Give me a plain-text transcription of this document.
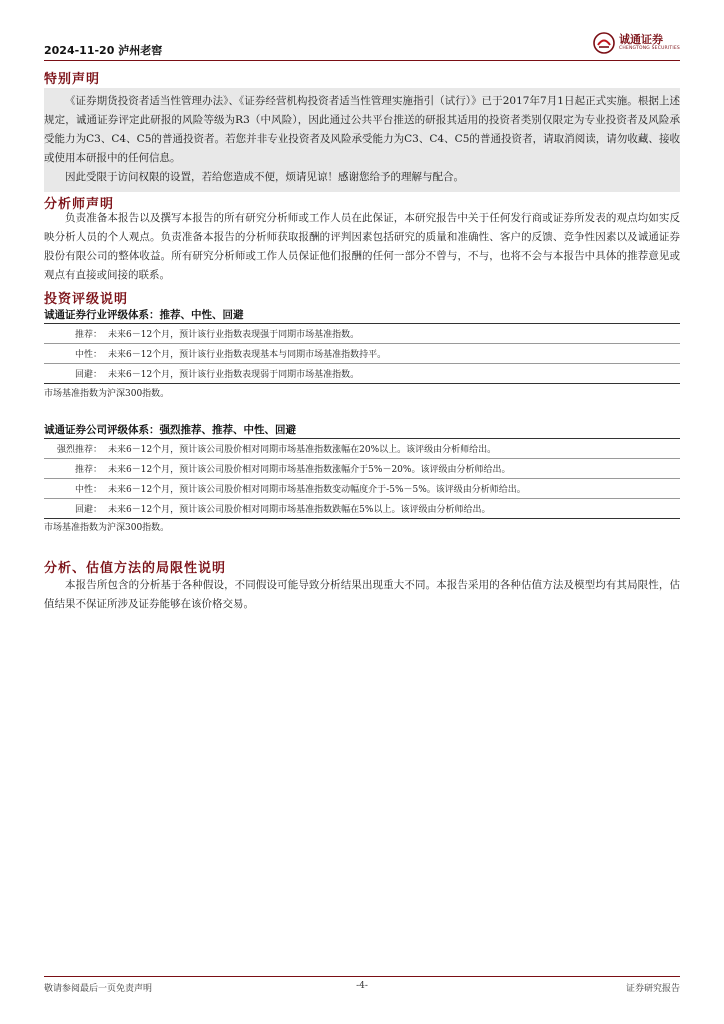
2024-11-20 泸州老窖
诚通证券
CHENGTONG SECURITIES
特别声明

《证券期货投资者适当性管理办法》、《证券经营机构投资者适当性管理实施指引（试行）》已于2017年7月1日起正式实施。根据上述规定，诚通证券评定此研报的风险等级为R3（中风险），因此通过公共平台推送的研报其适用的投资者类别仅限定为专业投资者及风险承受能力为C3、C4、C5的普通投资者。若您并非专业投资者及风险承受能力为C3、C4、C5的普通投资者，请取消阅读，请勿收藏、接收或使用本研报中的任何信息。

因此受限于访问权限的设置，若给您造成不便，烦请见谅！感谢您给予的理解与配合。

分析师声明

负责准备本报告以及撰写本报告的所有研究分析师或工作人员在此保证，本研究报告中关于任何发行商或证券所发表的观点均如实反映分析人员的个人观点。负责准备本报告的分析师获取报酬的评判因素包括研究的质量和准确性、客户的反馈、竞争性因素以及诚通证券股份有限公司的整体收益。所有研究分析师或工作人员保证他们报酬的任何一部分不曾与，不与，也将不会与本报告中具体的推荐意见或观点有直接或间接的联系。

投资评级说明
诚通证券行业评级体系：推荐、中性、回避
推荐： 未来6－12个月，预计该行业指数表现强于同期市场基准指数。
中性： 未来6－12个月，预计该行业指数表现基本与同期市场基准指数持平。
回避： 未来6－12个月，预计该行业指数表现弱于同期市场基准指数。
市场基准指数为沪深300指数。
诚通证券公司评级体系：强烈推荐、推荐、中性、回避
强烈推荐： 未来6－12个月，预计该公司股价相对同期市场基准指数涨幅在20%以上。该评级由分析师给出。
推荐： 未来6－12个月，预计该公司股价相对同期市场基准指数涨幅介于5%－20%。该评级由分析师给出。
中性： 未来6－12个月，预计该公司股价相对同期市场基准指数变动幅度介于-5%－5%。该评级由分析师给出。
回避： 未来6－12个月，预计该公司股价相对同期市场基准指数跌幅在5%以上。该评级由分析师给出。
市场基准指数为沪深300指数。
分析、估值方法的局限性说明

本报告所包含的分析基于各种假设，不同假设可能导致分析结果出现重大不同。本报告采用的各种估值方法及模型均有其局限性，估值结果不保证所涉及证券能够在该价格交易。

敬请参阅最后一页免责声明	-4-	证券研究报告
